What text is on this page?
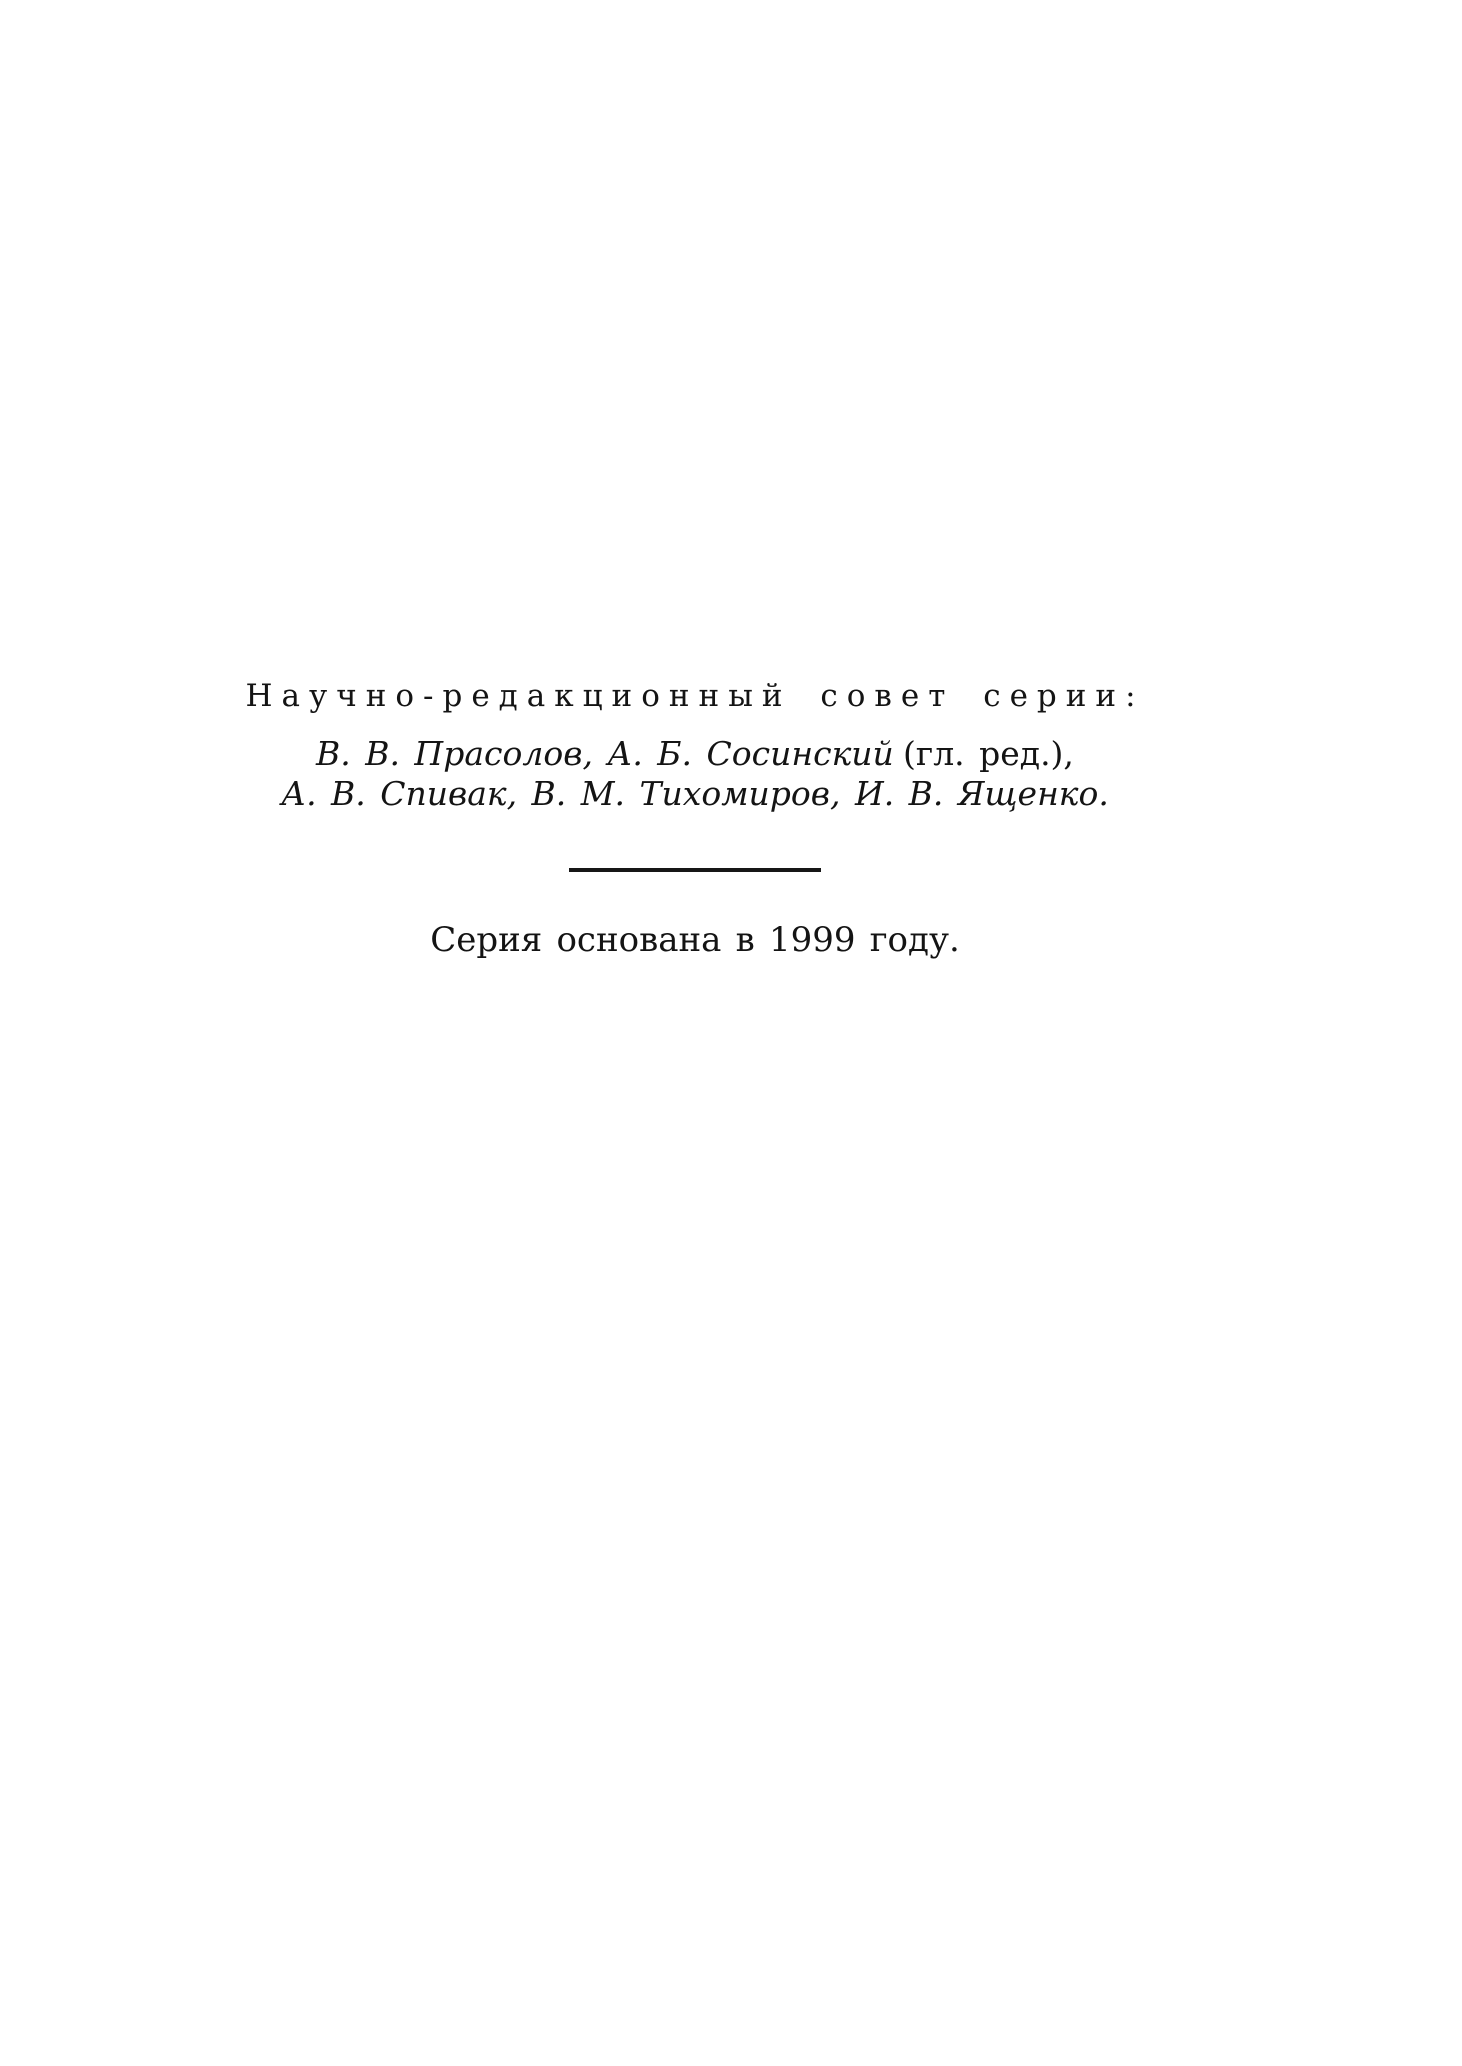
Научно-редакционный совет серии:

В. В. Прасолов, А. Б. Сосинский (гл. ред.),

А. В. Спивак, В. М. Тихомиров, И. В. Ященко.

Серия основана в 1999 году.
